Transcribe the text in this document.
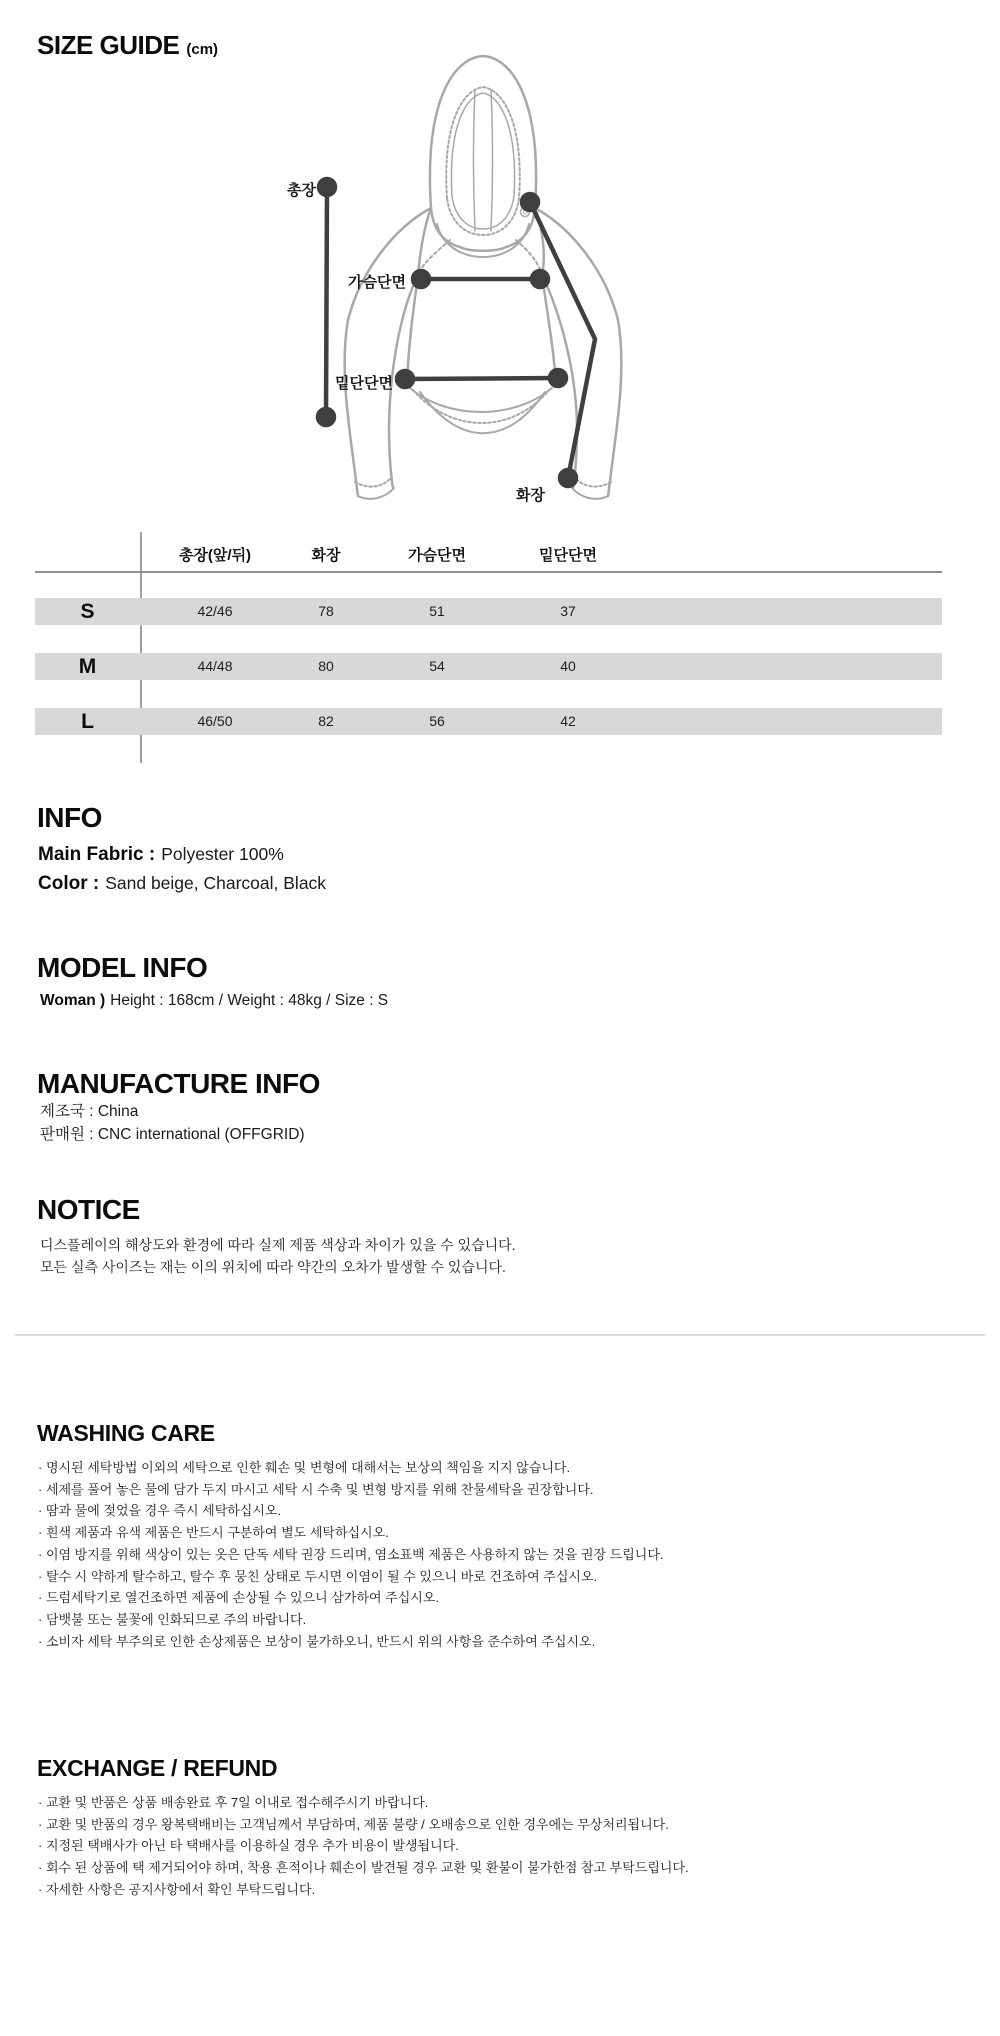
SIZE GUIDE (cm)
총장
가슴단면
밑단단면
화장
총장(앞/뒤)	화장	가슴단면	밑단단면
S	42/46	78	51	37
M	44/48	80	54	40
L	46/50	82	56	42
INFO
Main Fabric : Polyester 100%
Color : Sand beige, Charcoal, Black
MODEL INFO
Woman ) Height : 168cm / Weight : 48kg / Size : S
MANUFACTURE INFO
제조국 : China
판매원 : CNC international (OFFGRID)
NOTICE
디스플레이의 해상도와 환경에 따라 실제 제품 색상과 차이가 있을 수 있습니다.
모든 실측 사이즈는 재는 이의 위치에 따라 약간의 오차가 발생할 수 있습니다.
WASHING CARE
· 명시된 세탁방법 이외의 세탁으로 인한 훼손 및 변형에 대해서는 보상의 책임을 지지 않습니다.
· 세제를 풀어 놓은 물에 담가 두지 마시고 세탁 시 수축 및 변형 방지를 위해 찬물세탁을 권장합니다.
· 땀과 물에 젖었을 경우 즉시 세탁하십시오.
· 흰색 제품과 유색 제품은 반드시 구분하여 별도 세탁하십시오.
· 이염 방지를 위해 색상이 있는 옷은 단독 세탁 권장 드리며, 염소표백 제품은 사용하지 않는 것을 권장 드립니다.
· 탈수 시 약하게 탈수하고, 탈수 후 뭉친 상태로 두시면 이염이 될 수 있으니 바로 건조하여 주십시오.
· 드럼세탁기로 열건조하면 제품에 손상될 수 있으니 삼가하여 주십시오.
· 담뱃불 또는 불꽃에 인화되므로 주의 바랍니다.
· 소비자 세탁 부주의로 인한 손상제품은 보상이 불가하오니, 반드시 위의 사항을 준수하여 주십시오.
EXCHANGE / REFUND
· 교환 및 반품은 상품 배송완료 후 7일 이내로 접수해주시기 바랍니다.
· 교환 및 반품의 경우 왕복택배비는 고객님께서 부담하며, 제품 불량 / 오배송으로 인한 경우에는 무상처리됩니다.
· 지정된 택배사가 아닌 타 택배사를 이용하실 경우 추가 비용이 발생됩니다.
· 회수 된 상품에 택 제거되어야 하며, 착용 흔적이나 훼손이 발견될 경우 교환 및 환불이 불가한점 참고 부탁드립니다.
· 자세한 사항은 공지사항에서 확인 부탁드립니다.
